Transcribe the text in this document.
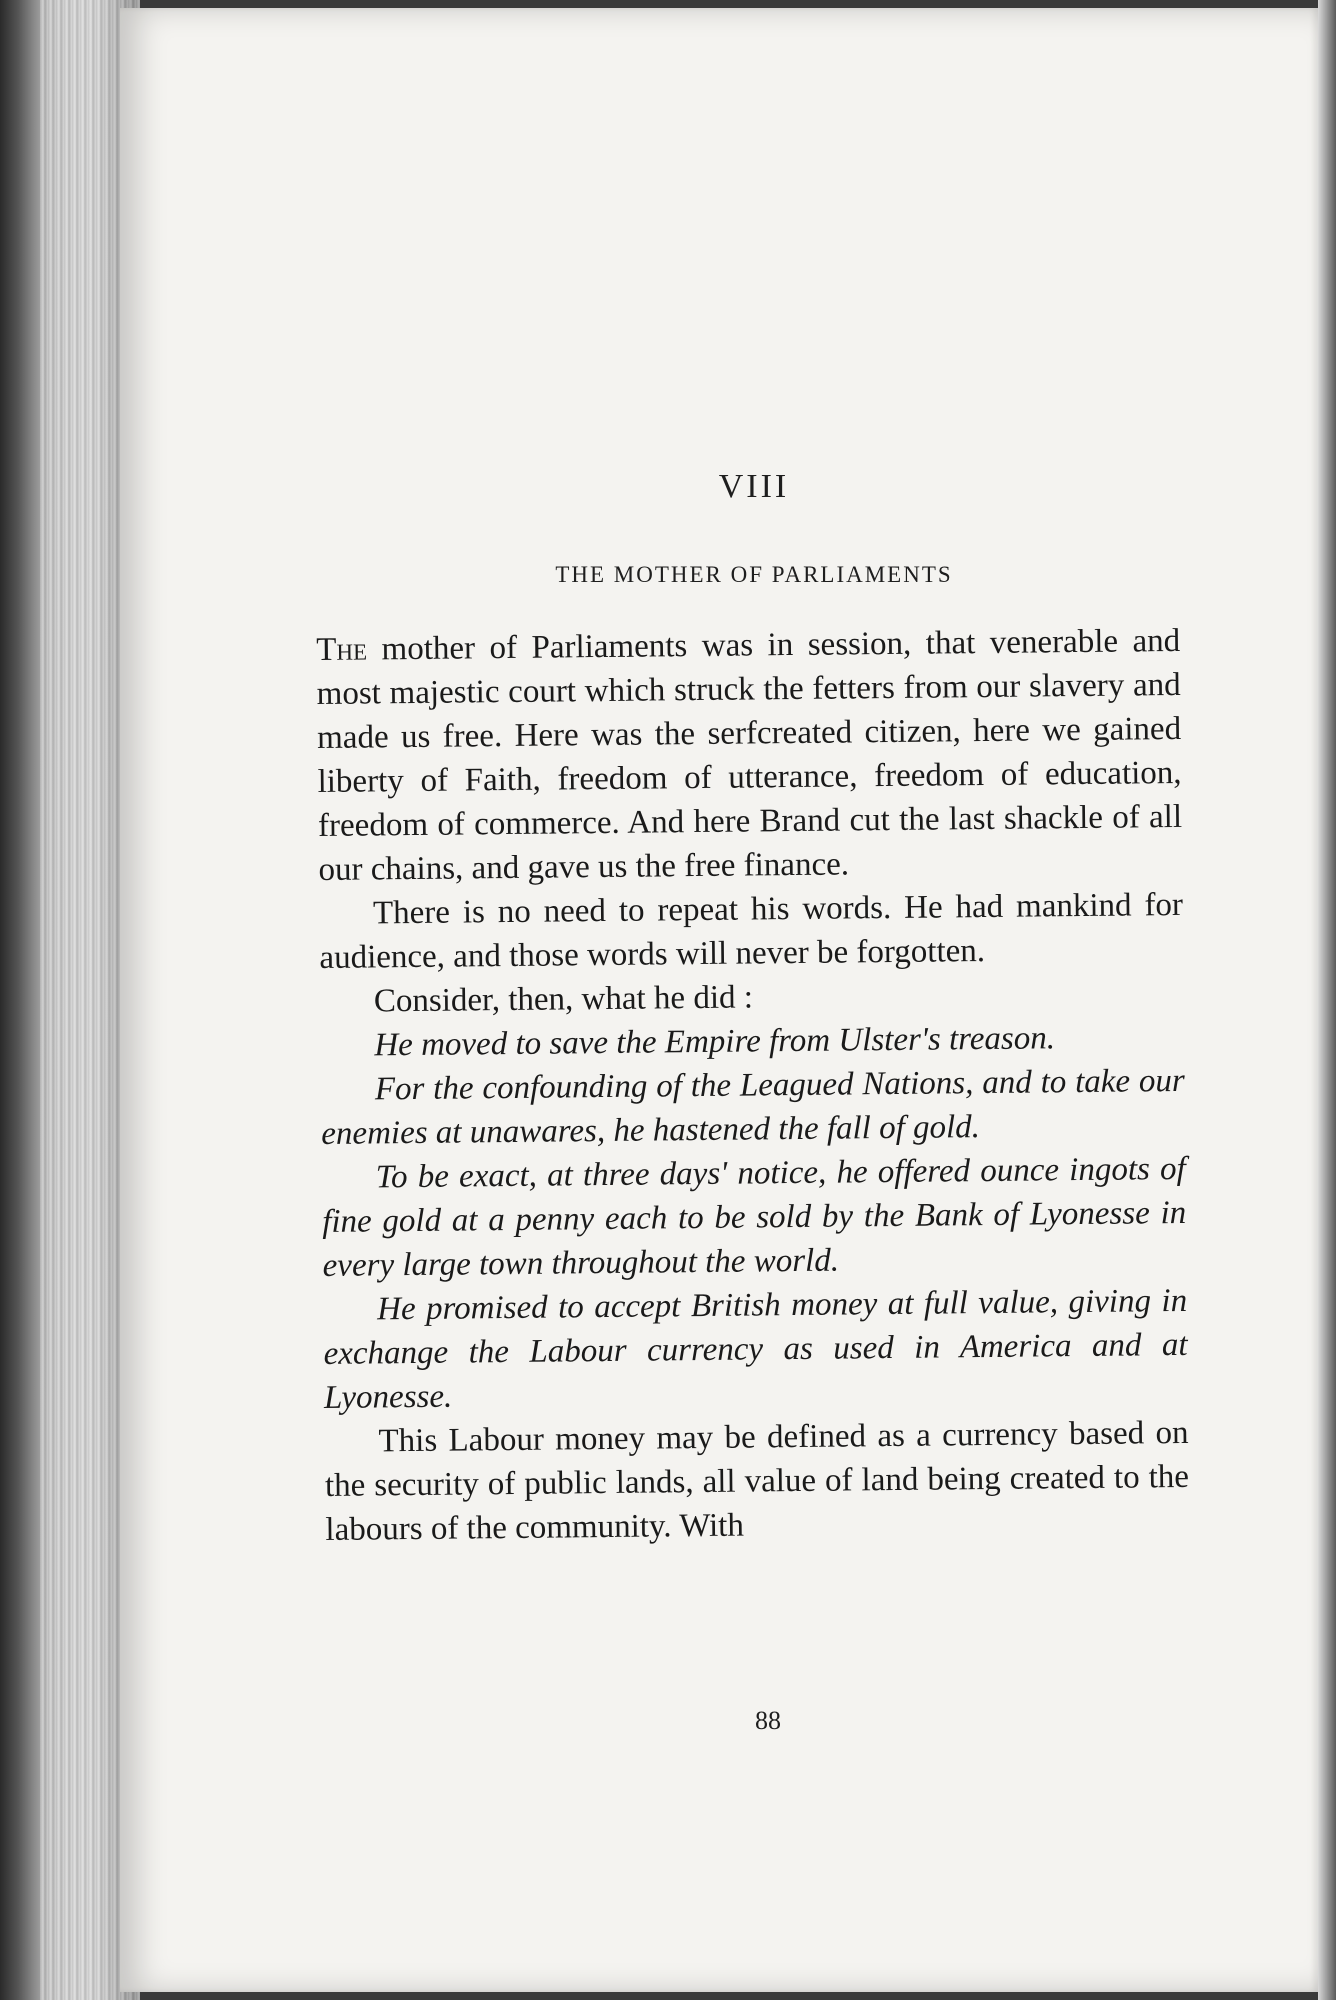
VIII
THE MOTHER OF PARLIAMENTS

The mother of Parliaments was in session, that venerable and most majestic court which struck the fetters from our slavery and made us free. Here was the serfcreated citizen, here we gained liberty of Faith, freedom of utterance, freedom of education, freedom of commerce. And here Brand cut the last shackle of all our chains, and gave us the free finance.

There is no need to repeat his words. He had mankind for audience, and those words will never be forgotten.

Consider, then, what he did :

He moved to save the Empire from Ulster's treason.

For the confounding of the Leagued Nations, and to take our enemies at unawares, he hastened the fall of gold.

To be exact, at three days' notice, he offered ounce ingots of fine gold at a penny each to be sold by the Bank of Lyonesse in every large town throughout the world.

He promised to accept British money at full value, giving in exchange the Labour currency as used in America and at Lyonesse.

This Labour money may be defined as a currency based on the security of public lands, all value of land being created to the labours of the community. With

88
